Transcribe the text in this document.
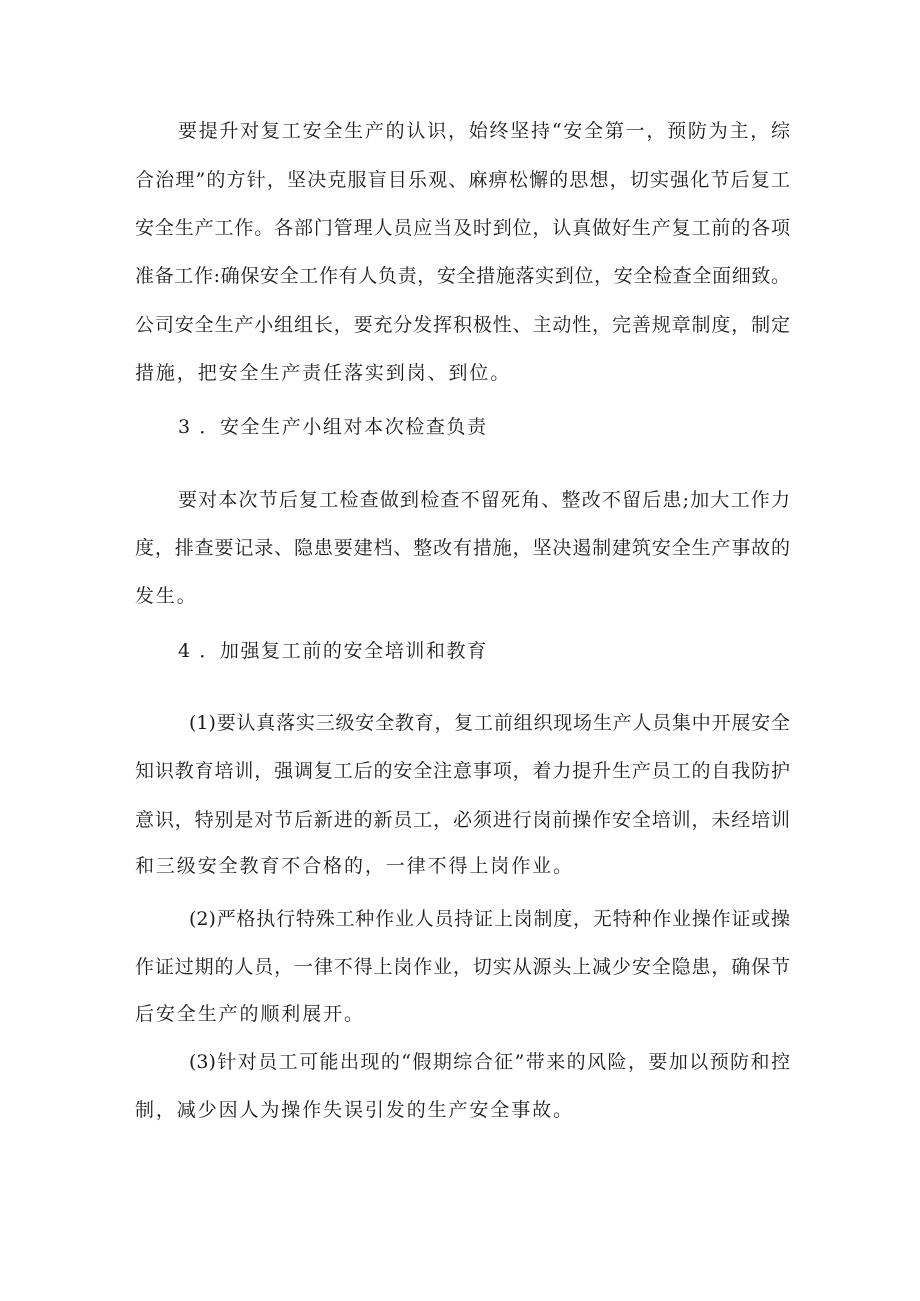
要提升对复工安全生产的认识，始终坚持“安全第一，预防为主，综
合治理”的方针，坚决克服盲目乐观、麻痹松懈的思想，切实强化节后复工
安全生产工作。各部门管理人员应当及时到位，认真做好生产复工前的各项
准备工作:确保安全工作有人负责，安全措施落实到位，安全检查全面细致。
公司安全生产小组组长，要充分发挥积极性、主动性，完善规章制度，制定
措施，把安全生产责任落实到岗、到位。
3 ．安全生产小组对本次检查负责
要对本次节后复工检查做到检查不留死角、整改不留后患;加大工作力
度，排查要记录、隐患要建档、整改有措施，坚决遏制建筑安全生产事故的
发生。
4 ．加强复工前的安全培训和教育
(1)要认真落实三级安全教育，复工前组织现场生产人员集中开展安全
知识教育培训，强调复工后的安全注意事项，着力提升生产员工的自我防护
意识，特别是对节后新进的新员工，必须进行岗前操作安全培训，未经培训
和三级安全教育不合格的，一律不得上岗作业。
(2)严格执行特殊工种作业人员持证上岗制度，无特种作业操作证或操
作证过期的人员，一律不得上岗作业，切实从源头上减少安全隐患，确保节
后安全生产的顺利展开。
(3)针对员工可能出现的“假期综合征”带来的风险，要加以预防和控
制，减少因人为操作失误引发的生产安全事故。
